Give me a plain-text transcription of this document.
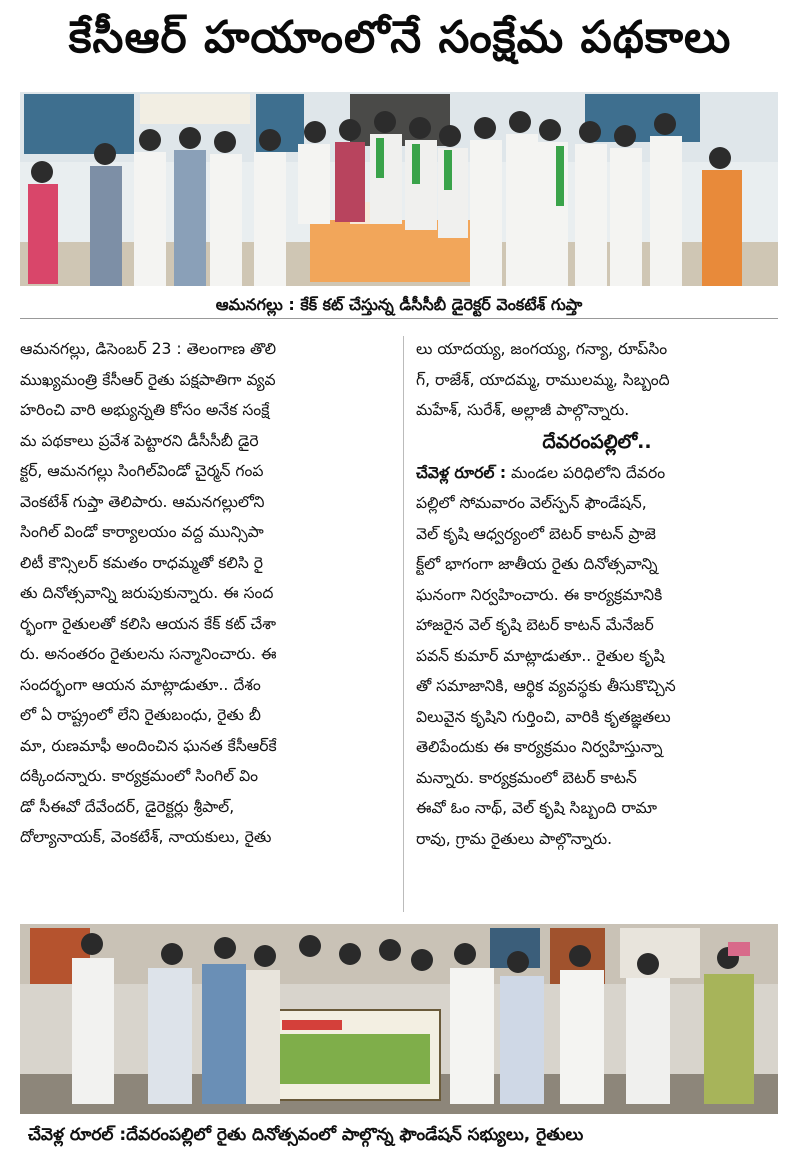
కేసీఆర్ హయాంలోనే సంక్షేమ పథకాలు
ఆమనగల్లు : కేక్ కట్ చేస్తున్న డీసీసీబీ డైరెక్టర్ వెంకటేశ్ గుప్తా
ఆమనగల్లు, డిసెంబర్ 23 : తెలంగాణ తొలి
ముఖ్యమంత్రి కేసీఆర్ రైతు పక్షపాతిగా వ్యవ
హరించి వారి అభ్యున్నతి కోసం అనేక సంక్షే
మ పథకాలు ప్రవేశ పెట్టారని డీసీసీబీ డైరె
క్టర్, ఆమనగల్లు సింగిల్‌విండో చైర్మన్ గంప
వెంకటేశ్ గుప్తా తెలిపారు. ఆమనగల్లులోని
సింగిల్ విండో కార్యాలయం వద్ద మున్సిపా
లిటీ కౌన్సిలర్ కమతం రాధమ్మతో కలిసి రై
తు దినోత్సవాన్ని జరుపుకున్నారు. ఈ సంద
ర్భంగా రైతులతో కలిసి ఆయన కేక్ కట్ చేశా
రు. అనంతరం రైతులను సన్మానించారు. ఈ
సందర్భంగా ఆయన మాట్లాడుతూ.. దేశం
లో ఏ రాష్ట్రంలో లేని రైతుబంధు, రైతు బీ
మా, రుణమాఫీ అందించిన ఘనత కేసీఆర్‌కే
దక్కిందన్నారు. కార్యక్రమంలో సింగిల్ విం
డో సీఈవో దేవేందర్, డైరెక్టర్లు శ్రీపాల్,
దోల్యానాయక్, వెంకటేశ్, నాయకులు, రైతు
లు యాదయ్య, జంగయ్య, గన్యా, రూప్‌సిం
గ్, రాజేశ్, యాదమ్మ, రాములమ్మ, సిబ్బంది
మహేశ్, సురేశ్, అల్లాజీ పాల్గొన్నారు.
దేవరంపల్లిలో..
చేవెళ్ల రూరల్ : మండల పరిధిలోని దేవరం
పల్లిలో సోమవారం వెల్‌స్పన్ ఫౌండేషన్,
వెల్ కృషి ఆధ్వర్యంలో బెటర్ కాటన్ ప్రాజె
క్ట్‌లో భాగంగా జాతీయ రైతు దినోత్సవాన్ని
ఘనంగా నిర్వహించారు. ఈ కార్యక్రమానికి
హాజరైన వెల్ కృషి బెటర్ కాటన్ మేనేజర్
పవన్ కుమార్ మాట్లాడుతూ.. రైతుల కృషి
తో సమాజానికి, ఆర్థిక వ్యవస్థకు తీసుకొచ్చిన
విలువైన కృషిని గుర్తించి, వారికి కృతజ్ఞతలు
తెలిపేందుకు ఈ కార్యక్రమం నిర్వహిస్తున్నా
మన్నారు. కార్యక్రమంలో బెటర్ కాటన్
ఈవో ఓం నాథ్, వెల్ కృషి సిబ్బంది రామా
రావు, గ్రామ రైతులు పాల్గొన్నారు.
చేవెళ్ల రూరల్ :దేవరంపల్లిలో రైతు దినోత్సవంలో పాల్గొన్న ఫౌండేషన్ సభ్యులు, రైతులు
